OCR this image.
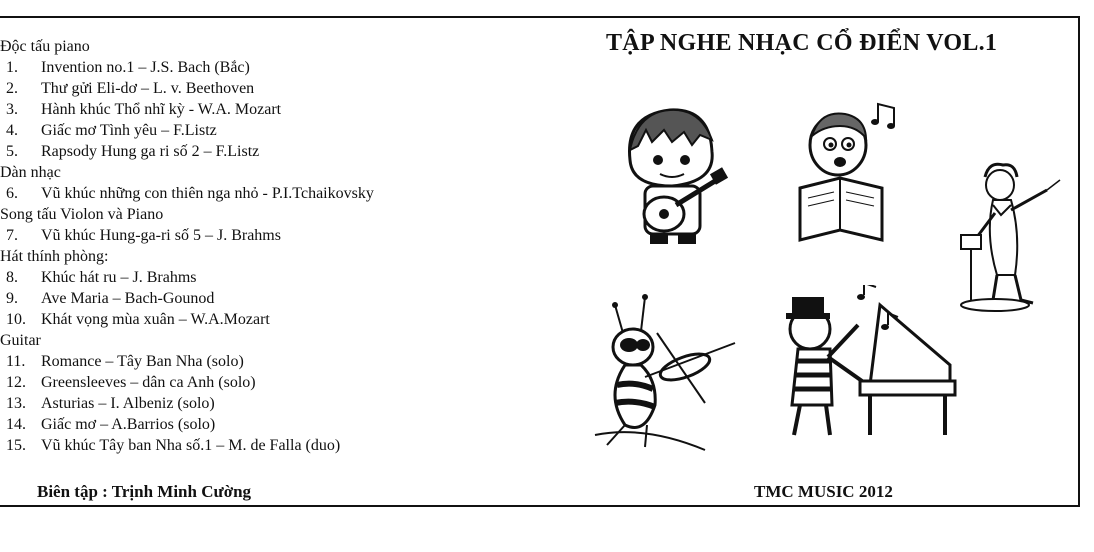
Độc tấu piano
1. Invention no.1 – J.S. Bach (Bắc)
2. Thư gửi Eli-dơ – L. v. Beethoven
3. Hành khúc Thổ nhĩ kỳ - W.A. Mozart
4. Giấc mơ Tình yêu – F.Listz
5. Rapsody Hung ga ri số 2 – F.Listz
Dàn nhạc
6. Vũ khúc những con thiên nga nhỏ - P.I.Tchaikovsky
Song tấu Violon và Piano
7. Vũ khúc Hung-ga-ri số 5 – J. Brahms
Hát thính phòng:
8. Khúc hát ru – J. Brahms
9. Ave Maria – Bach-Gounod
10. Khát vọng mùa xuân – W.A.Mozart
Guitar
11. Romance – Tây Ban Nha (solo)
12. Greensleeves – dân ca Anh (solo)
13. Asturias – I. Albeniz (solo)
14. Giấc mơ – A.Barrios (solo)
15. Vũ khúc Tây ban Nha số.1 – M. de Falla (duo)
TẬP NGHE NHẠC CỔ ĐIỂN VOL.1
Biên tập : Trịnh Minh Cường	TMC MUSIC 2012
